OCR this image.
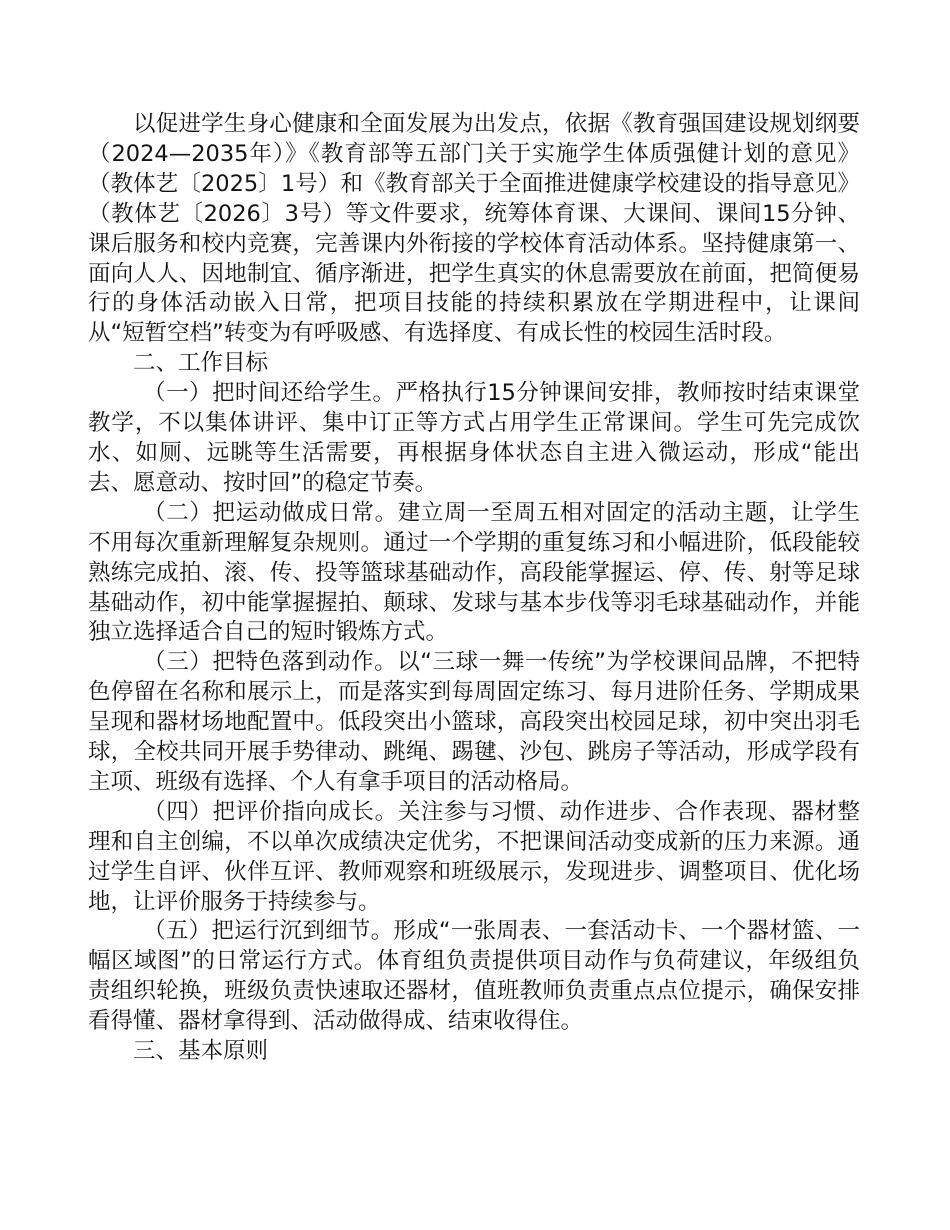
以促进学生身心健康和全面发展为出发点，依据《教育强国建设规划纲要（2024—2035年）》《教育部等五部门关于实施学生体质强健计划的意见》（教体艺〔2025〕1号）和《教育部关于全面推进健康学校建设的指导意见》（教体艺〔2026〕3号）等文件要求，统筹体育课、大课间、课间15分钟、课后服务和校内竞赛，完善课内外衔接的学校体育活动体系。坚持健康第一、面向人人、因地制宜、循序渐进，把学生真实的休息需要放在前面，把简便易行的身体活动嵌入日常，把项目技能的持续积累放在学期进程中，让课间从“短暂空档”转变为有呼吸感、有选择度、有成长性的校园生活时段。

二、工作目标

（一）把时间还给学生。严格执行15分钟课间安排，教师按时结束课堂教学，不以集体讲评、集中订正等方式占用学生正常课间。学生可先完成饮水、如厕、远眺等生活需要，再根据身体状态自主进入微运动，形成“能出去、愿意动、按时回”的稳定节奏。

（二）把运动做成日常。建立周一至周五相对固定的活动主题，让学生不用每次重新理解复杂规则。通过一个学期的重复练习和小幅进阶，低段能较熟练完成拍、滚、传、投等篮球基础动作，高段能掌握运、停、传、射等足球基础动作，初中能掌握握拍、颠球、发球与基本步伐等羽毛球基础动作，并能独立选择适合自己的短时锻炼方式。

（三）把特色落到动作。以“三球一舞一传统”为学校课间品牌，不把特色停留在名称和展示上，而是落实到每周固定练习、每月进阶任务、学期成果呈现和器材场地配置中。低段突出小篮球，高段突出校园足球，初中突出羽毛球，全校共同开展手势律动、跳绳、踢毽、沙包、跳房子等活动，形成学段有主项、班级有选择、个人有拿手项目的活动格局。

（四）把评价指向成长。关注参与习惯、动作进步、合作表现、器材整理和自主创编，不以单次成绩决定优劣，不把课间活动变成新的压力来源。通过学生自评、伙伴互评、教师观察和班级展示，发现进步、调整项目、优化场地，让评价服务于持续参与。

（五）把运行沉到细节。形成“一张周表、一套活动卡、一个器材篮、一幅区域图”的日常运行方式。体育组负责提供项目动作与负荷建议，年级组负责组织轮换，班级负责快速取还器材，值班教师负责重点点位提示，确保安排看得懂、器材拿得到、活动做得成、结束收得住。

三、基本原则
